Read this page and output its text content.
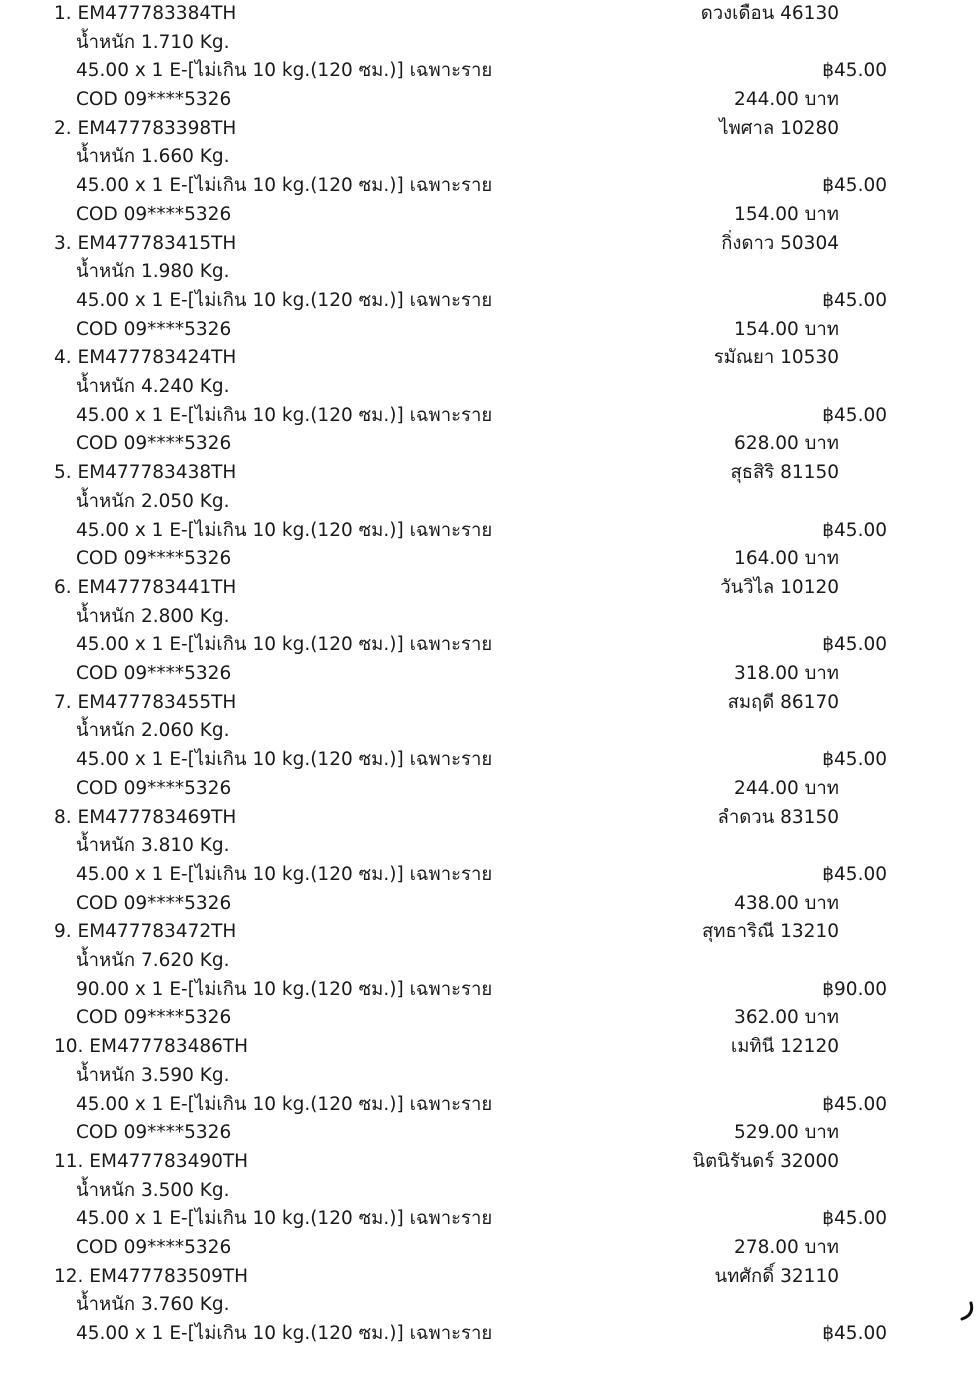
1. EM477783384TH	ดวงเดือน 46130
น้ำหนัก 1.710 Kg.
45.00 x 1 E-[ไม่เกิน 10 kg.(120 ซม.)] เฉพาะราย	฿45.00
COD 09****5326	244.00 บาท
2. EM477783398TH	ไพศาล 10280
น้ำหนัก 1.660 Kg.
45.00 x 1 E-[ไม่เกิน 10 kg.(120 ซม.)] เฉพาะราย	฿45.00
COD 09****5326	154.00 บาท
3. EM477783415TH	กิ่งดาว 50304
น้ำหนัก 1.980 Kg.
45.00 x 1 E-[ไม่เกิน 10 kg.(120 ซม.)] เฉพาะราย	฿45.00
COD 09****5326	154.00 บาท
4. EM477783424TH	รมัณยา 10530
น้ำหนัก 4.240 Kg.
45.00 x 1 E-[ไม่เกิน 10 kg.(120 ซม.)] เฉพาะราย	฿45.00
COD 09****5326	628.00 บาท
5. EM477783438TH	สุธสิริ 81150
น้ำหนัก 2.050 Kg.
45.00 x 1 E-[ไม่เกิน 10 kg.(120 ซม.)] เฉพาะราย	฿45.00
COD 09****5326	164.00 บาท
6. EM477783441TH	วันวิไล 10120
น้ำหนัก 2.800 Kg.
45.00 x 1 E-[ไม่เกิน 10 kg.(120 ซม.)] เฉพาะราย	฿45.00
COD 09****5326	318.00 บาท
7. EM477783455TH	สมฤดี 86170
น้ำหนัก 2.060 Kg.
45.00 x 1 E-[ไม่เกิน 10 kg.(120 ซม.)] เฉพาะราย	฿45.00
COD 09****5326	244.00 บาท
8. EM477783469TH	ลำดวน 83150
น้ำหนัก 3.810 Kg.
45.00 x 1 E-[ไม่เกิน 10 kg.(120 ซม.)] เฉพาะราย	฿45.00
COD 09****5326	438.00 บาท
9. EM477783472TH	สุทธาริณี 13210
น้ำหนัก 7.620 Kg.
90.00 x 1 E-[ไม่เกิน 10 kg.(120 ซม.)] เฉพาะราย	฿90.00
COD 09****5326	362.00 บาท
10. EM477783486TH	เมทินี 12120
น้ำหนัก 3.590 Kg.
45.00 x 1 E-[ไม่เกิน 10 kg.(120 ซม.)] เฉพาะราย	฿45.00
COD 09****5326	529.00 บาท
11. EM477783490TH	นิตนิรันดร์ 32000
น้ำหนัก 3.500 Kg.
45.00 x 1 E-[ไม่เกิน 10 kg.(120 ซม.)] เฉพาะราย	฿45.00
COD 09****5326	278.00 บาท
12. EM477783509TH	นทศักดิ์ 32110
น้ำหนัก 3.760 Kg.
45.00 x 1 E-[ไม่เกิน 10 kg.(120 ซม.)] เฉพาะราย	฿45.00
